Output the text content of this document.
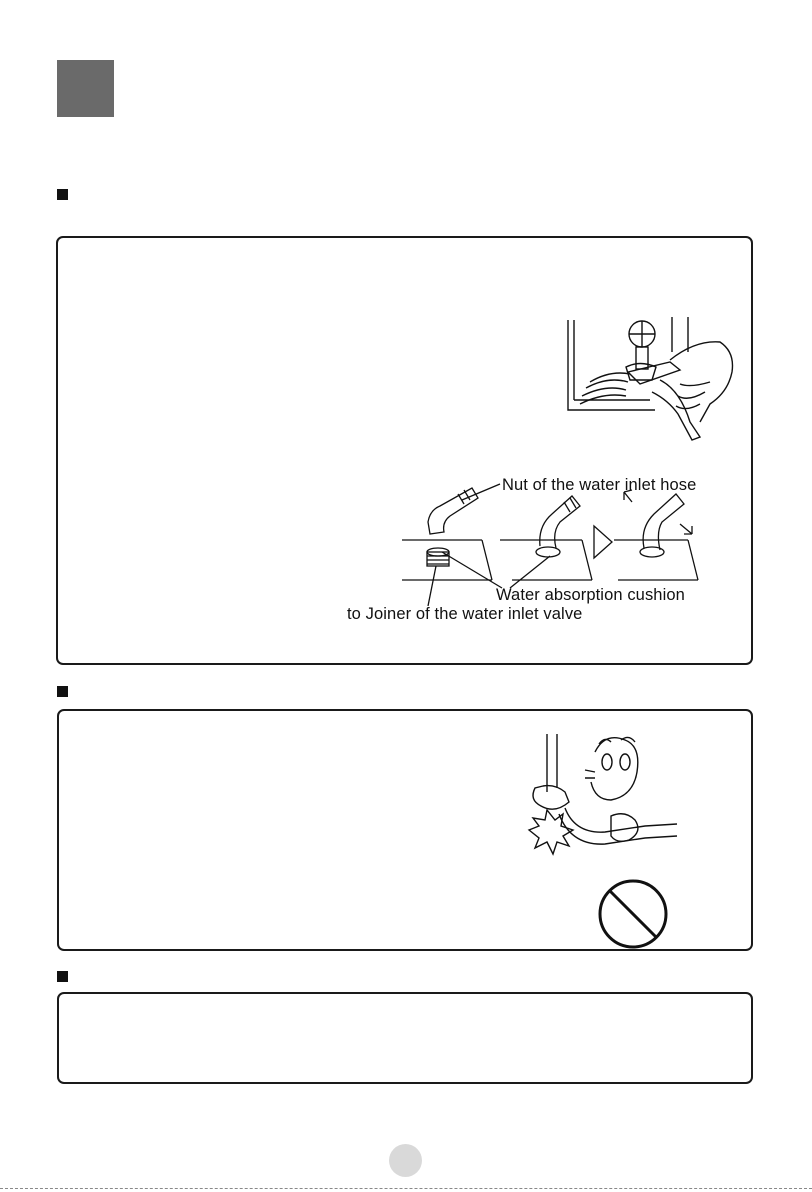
Nut of the water inlet hose
Water absorption cushion
to Joiner of the water inlet valve
